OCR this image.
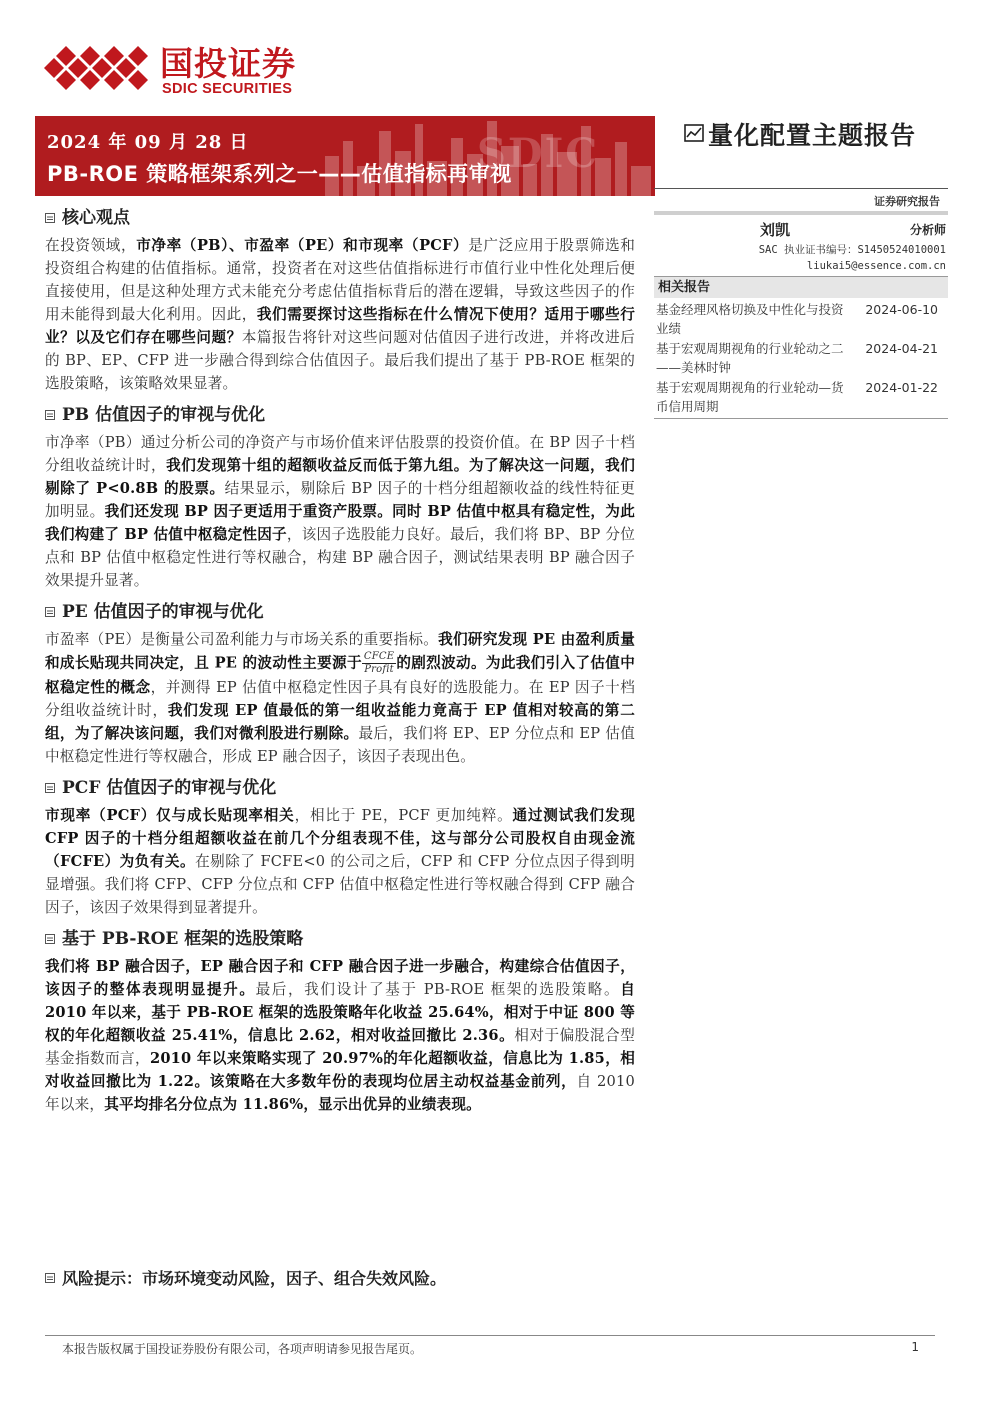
国投证券
SDIC SECURITIES
SDIC
2024 年 09 月 28 日
PB-ROE 策略框架系列之一——估值指标再审视
量化配置主题报告
证券研究报告
刘凯	分析师
SAC 执业证书编号：S1450524010001
liukai5@essence.com.cn
相关报告
基金经理风格切换及中性化与投资业绩
2024-06-10
基于宏观周期视角的行业轮动之二——美林时钟
2024-04-21
基于宏观周期视角的行业轮动—货币信用周期
2024-01-22
核心观点

在投资领域，市净率（PB）、市盈率（PE）和市现率（PCF）是广泛应用于股票筛选和投资组合构建的估值指标。通常，投资者在对这些估值指标进行市值行业中性化处理后便直接使用，但是这种处理方式未能充分考虑估值指标背后的潜在逻辑，导致这些因子的作用未能得到最大化利用。因此，我们需要探讨这些指标在什么情况下使用？适用于哪些行业？以及它们存在哪些问题？本篇报告将针对这些问题对估值因子进行改进，并将改进后的 BP、EP、CFP 进一步融合得到综合估值因子。最后我们提出了基于 PB-ROE 框架的选股策略，该策略效果显著。

PB 估值因子的审视与优化

市净率（PB）通过分析公司的净资产与市场价值来评估股票的投资价值。在 BP 因子十档分组收益统计时，我们发现第十组的超额收益反而低于第九组。为了解决这一问题，我们剔除了 P<0.8B 的股票。结果显示，剔除后 BP 因子的十档分组超额收益的线性特征更加明显。我们还发现 BP 因子更适用于重资产股票。同时 BP 估值中枢具有稳定性，为此我们构建了 BP 估值中枢稳定性因子，该因子选股能力良好。最后，我们将 BP、BP 分位点和 BP 估值中枢稳定性进行等权融合，构建 BP 融合因子，测试结果表明 BP 融合因子效果提升显著。

PE 估值因子的审视与优化

市盈率（PE）是衡量公司盈利能力与市场关系的重要指标。我们研究发现 PE 由盈利质量和成长贴现共同决定，且 PE 的波动性主要源于 $\frac{\text{CFCE}}{\text{Profit}}$ 的剧烈波动。为此我们引入了估值中枢稳定性的概念，并测得 EP 估值中枢稳定性因子具有良好的选股能力。在 EP 因子十档分组收益统计时，我们发现 EP 值最低的第一组收益能力竟高于 EP 值相对较高的第二组，为了解决该问题，我们对微利股进行剔除。最后，我们将 EP、EP 分位点和 EP 估值中枢稳定性进行等权融合，形成 EP 融合因子，该因子表现出色。

PCF 估值因子的审视与优化

市现率（PCF）仅与成长贴现率相关，相比于 PE，PCF 更加纯粹。通过测试我们发现 CFP 因子的十档分组超额收益在前几个分组表现不佳，这与部分公司股权自由现金流（FCFE）为负有关。在剔除了 FCFE<0 的公司之后，CFP 和 CFP 分位点因子得到明显增强。我们将 CFP、CFP 分位点和 CFP 估值中枢稳定性进行等权融合得到 CFP 融合因子，该因子效果得到显著提升。

基于 PB-ROE 框架的选股策略

我们将 BP 融合因子，EP 融合因子和 CFP 融合因子进一步融合，构建综合估值因子，该因子的整体表现明显提升。最后，我们设计了基于 PB-ROE 框架的选股策略。自 2010 年以来，基于 PB-ROE 框架的选股策略年化收益 25.64%，相对于中证 800 等权的年化超额收益 25.41%，信息比 2.62，相对收益回撤比 2.36。相对于偏股混合型基金指数而言，2010 年以来策略实现了 20.97%的年化超额收益，信息比为 1.85，相对收益回撤比为 1.22。该策略在大多数年份的表现均位居主动权益基金前列，自 2010 年以来，其平均排名分位点为 11.86%，显示出优异的业绩表现。

风险提示：市场环境变动风险，因子、组合失效风险。
本报告版权属于国投证券股份有限公司，各项声明请参见报告尾页。	1
